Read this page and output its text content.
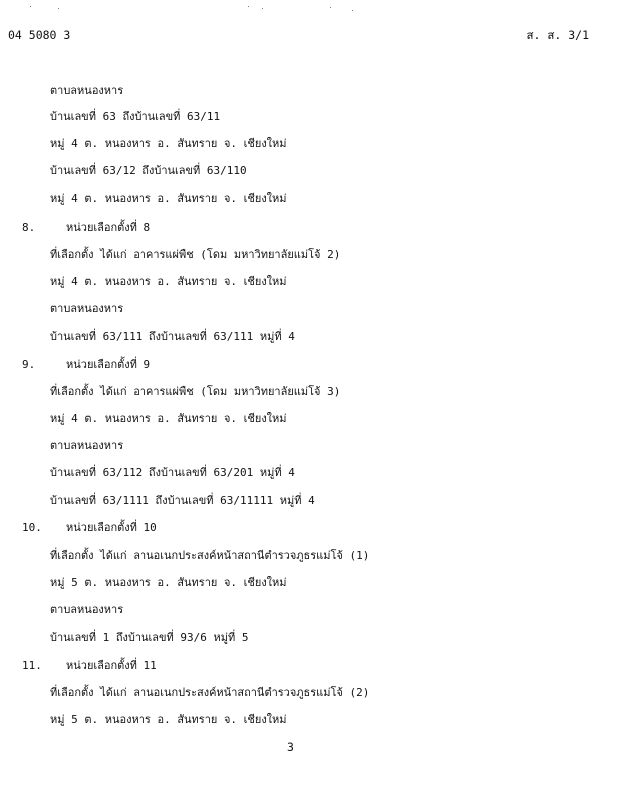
04 5080 3	ส. ส. 3/1
ตาบลหนองหาร
บ้านเลขที่ 63 ถึงบ้านเลขที่ 63/11
หมู่ 4 ต. หนองหาร อ. สันทราย จ. เชียงใหม่
บ้านเลขที่ 63/12 ถึงบ้านเลขที่ 63/110
หมู่ 4 ต. หนองหาร อ. สันทราย จ. เชียงใหม่
8.	หน่วยเลือกตั้งที่ 8
ที่เลือกตั้ง ได้แก่ อาคารแผ่พืช (โดม มหาวิทยาลัยแม่โจ้ 2)
หมู่ 4 ต. หนองหาร อ. สันทราย จ. เชียงใหม่
ตาบลหนองหาร
บ้านเลขที่ 63/111 ถึงบ้านเลขที่ 63/111 หมู่ที่ 4
9.	หน่วยเลือกตั้งที่ 9
ที่เลือกตั้ง ได้แก่ อาคารแผ่พืช (โดม มหาวิทยาลัยแม่โจ้ 3)
หมู่ 4 ต. หนองหาร อ. สันทราย จ. เชียงใหม่
ตาบลหนองหาร
บ้านเลขที่ 63/112 ถึงบ้านเลขที่ 63/201 หมู่ที่ 4
บ้านเลขที่ 63/1111 ถึงบ้านเลขที่ 63/11111 หมู่ที่ 4
10. หน่วยเลือกตั้งที่ 10
ที่เลือกตั้ง ได้แก่ ลานอเนกประสงค์หน้าสถานีตำรวจภูธรแม่โจ้ (1)
หมู่ 5 ต. หนองหาร อ. สันทราย จ. เชียงใหม่
ตาบลหนองหาร
บ้านเลขที่ 1 ถึงบ้านเลขที่ 93/6 หมู่ที่ 5
11. หน่วยเลือกตั้งที่ 11
ที่เลือกตั้ง ได้แก่ ลานอเนกประสงค์หน้าสถานีตำรวจภูธรแม่โจ้ (2)
หมู่ 5 ต. หนองหาร อ. สันทราย จ. เชียงใหม่
3
